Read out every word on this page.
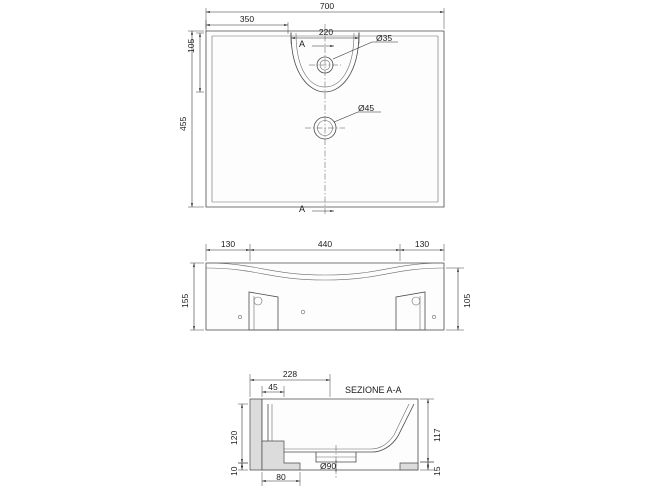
700
350
220
105
455
Ø35
Ø45
A
A
130	440	130
155	105
228
45
120
10
117
15
80
Ø90
SEZIONE A-A
